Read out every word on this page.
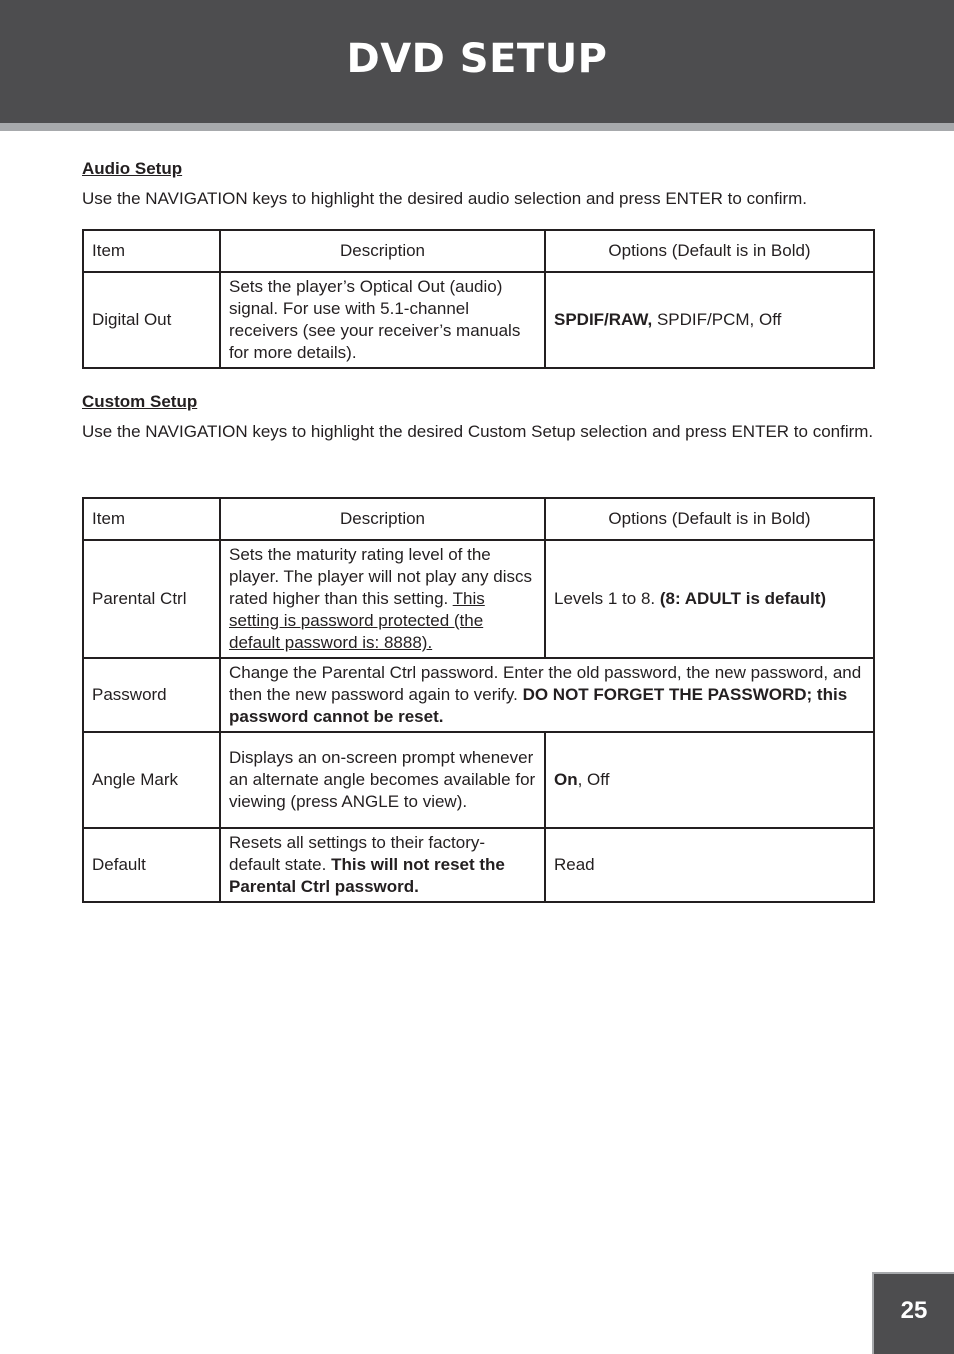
DVD SETUP
Audio Setup
Use the NAVIGATION keys to highlight the desired audio selection and press ENTER to confirm.
Item	Description	Options (Default is in Bold)
Digital Out	Sets the player’s Optical Out (audio) signal. For use with 5.1-channel receivers (see your receiver’s manuals for more details).	SPDIF/RAW, SPDIF/PCM, Off
Custom Setup
Use the NAVIGATION keys to highlight the desired Custom Setup selection and press ENTER to confirm.
Item	Description	Options (Default is in Bold)
Parental Ctrl	Sets the maturity rating level of the player. The player will not play any discs rated higher than this setting. This setting is password protected (the default password is: 8888).	Levels 1 to 8. (8: ADULT is default)
Password	Change the Parental Ctrl password. Enter the old password, the new password, and then the new password again to verify. DO NOT FORGET THE PASSWORD; this password cannot be reset.	
Angle Mark	Displays an on-screen prompt whenever an alternate angle becomes available for viewing (press ANGLE to view).	On, Off
Default	Resets all settings to their factory-default state. This will not reset the Parental Ctrl password.	Read
25
